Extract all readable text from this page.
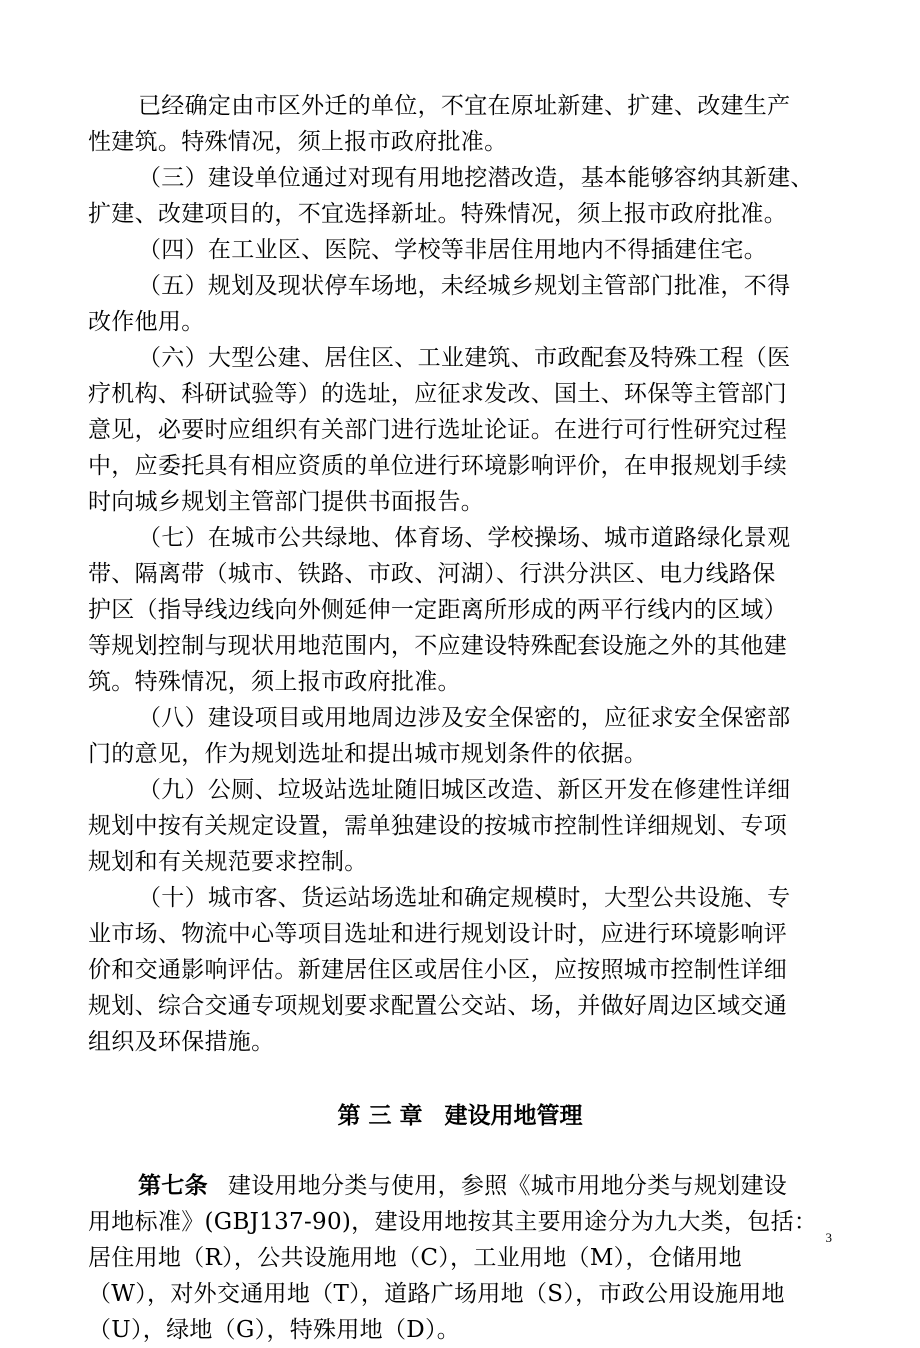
已经确定由市区外迁的单位，不宜在原址新建、扩建、改建生产
性建筑。特殊情况，须上报市政府批准。
（三）建设单位通过对现有用地挖潜改造，基本能够容纳其新建、
扩建、改建项目的，不宜选择新址。特殊情况，须上报市政府批准。
（四）在工业区、医院、学校等非居住用地内不得插建住宅。
（五）规划及现状停车场地，未经城乡规划主管部门批准，不得
改作他用。
（六）大型公建、居住区、工业建筑、市政配套及特殊工程（医
疗机构、科研试验等）的选址，应征求发改、国土、环保等主管部门
意见，必要时应组织有关部门进行选址论证。在进行可行性研究过程
中，应委托具有相应资质的单位进行环境影响评价，在申报规划手续
时向城乡规划主管部门提供书面报告。
（七）在城市公共绿地、体育场、学校操场、城市道路绿化景观
带、隔离带（城市、铁路、市政、河湖）、行洪分洪区、电力线路保
护区（指导线边线向外侧延伸一定距离所形成的两平行线内的区域）
等规划控制与现状用地范围内，不应建设特殊配套设施之外的其他建
筑。特殊情况，须上报市政府批准。
（八）建设项目或用地周边涉及安全保密的，应征求安全保密部
门的意见，作为规划选址和提出城市规划条件的依据。
（九）公厕、垃圾站选址随旧城区改造、新区开发在修建性详细
规划中按有关规定设置，需单独建设的按城市控制性详细规划、专项
规划和有关规范要求控制。
（十）城市客、货运站场选址和确定规模时，大型公共设施、专
业市场、物流中心等项目选址和进行规划设计时，应进行环境影响评
价和交通影响评估。新建居住区或居住小区，应按照城市控制性详细
规划、综合交通专项规划要求配置公交站、场，并做好周边区域交通
组织及环保措施。
第 三 章 建设用地管理
第七条 建设用地分类与使用，参照《城市用地分类与规划建设
用地标准》(GBJ137-90)，建设用地按其主要用途分为九大类，包括：
居住用地（R），公共设施用地（C），工业用地（M），仓储用地
（W），对外交通用地（T），道路广场用地（S），市政公用设施用地
（U），绿地（G），特殊用地（D）。
3
